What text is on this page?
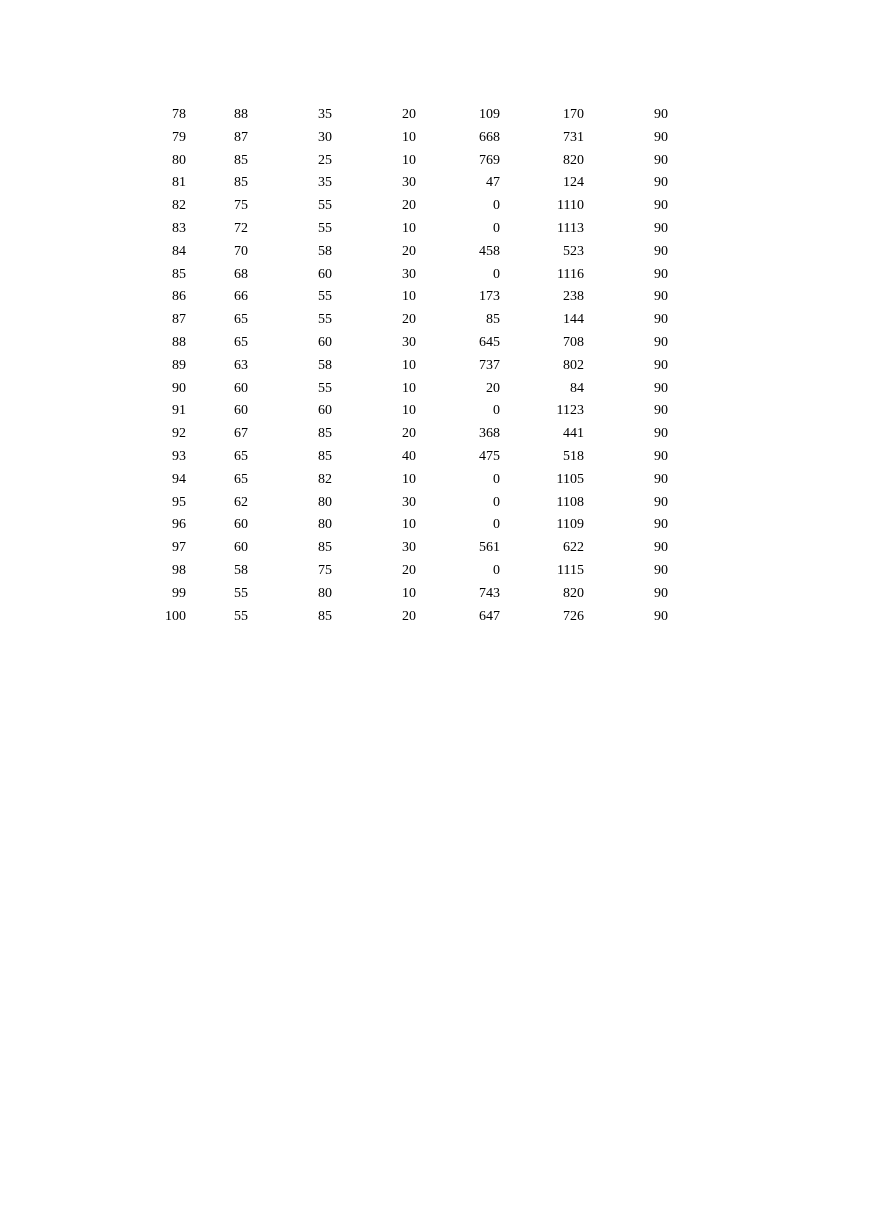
78	88	35	20	109	170	90
79	87	30	10	668	731	90
80	85	25	10	769	820	90
81	85	35	30	47	124	90
82	75	55	20	0	1110	90
83	72	55	10	0	1113	90
84	70	58	20	458	523	90
85	68	60	30	0	1116	90
86	66	55	10	173	238	90
87	65	55	20	85	144	90
88	65	60	30	645	708	90
89	63	58	10	737	802	90
90	60	55	10	20	84	90
91	60	60	10	0	1123	90
92	67	85	20	368	441	90
93	65	85	40	475	518	90
94	65	82	10	0	1105	90
95	62	80	30	0	1108	90
96	60	80	10	0	1109	90
97	60	85	30	561	622	90
98	58	75	20	0	1115	90
99	55	80	10	743	820	90
100	55	85	20	647	726	90
